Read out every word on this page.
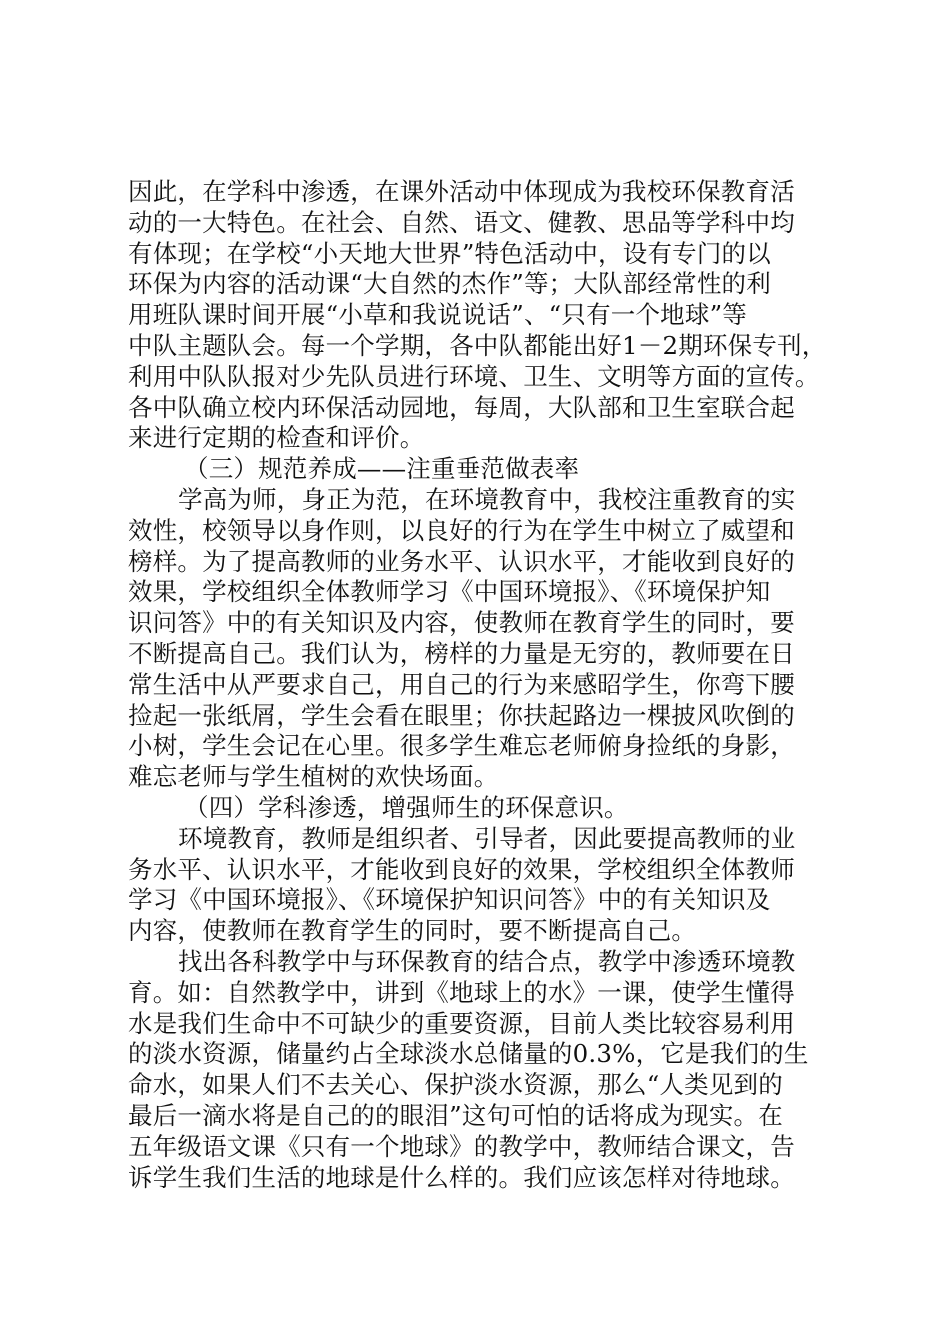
因此，在学科中渗透，在课外活动中体现成为我校环保教育活
动的一大特色。在社会、自然、语文、健教、思品等学科中均
有体现；在学校“小天地大世界”特色活动中，设有专门的以
环保为内容的活动课“大自然的杰作”等；大队部经常性的利
用班队课时间开展“小草和我说说话”、“只有一个地球”等
中队主题队会。每一个学期，各中队都能出好1－2期环保专刊，
利用中队队报对少先队员进行环境、卫生、文明等方面的宣传。
各中队确立校内环保活动园地，每周，大队部和卫生室联合起
来进行定期的检查和评价。
（三）规范养成——注重垂范做表率
学高为师，身正为范，在环境教育中，我校注重教育的实
效性，校领导以身作则，以良好的行为在学生中树立了威望和
榜样。为了提高教师的业务水平、认识水平，才能收到良好的
效果，学校组织全体教师学习《中国环境报》、《环境保护知
识问答》中的有关知识及内容，使教师在教育学生的同时，要
不断提高自己。我们认为，榜样的力量是无穷的，教师要在日
常生活中从严要求自己，用自己的行为来感昭学生，你弯下腰
捡起一张纸屑，学生会看在眼里；你扶起路边一棵披风吹倒的
小树，学生会记在心里。很多学生难忘老师俯身捡纸的身影，
难忘老师与学生植树的欢快场面。
（四）学科渗透，增强师生的环保意识。
环境教育，教师是组织者、引导者，因此要提高教师的业
务水平、认识水平，才能收到良好的效果，学校组织全体教师
学习《中国环境报》、《环境保护知识问答》中的有关知识及
内容，使教师在教育学生的同时，要不断提高自己。
找出各科教学中与环保教育的结合点，教学中渗透环境教
育。如：自然教学中，讲到《地球上的水》一课，使学生懂得
水是我们生命中不可缺少的重要资源，目前人类比较容易利用
的淡水资源，储量约占全球淡水总储量的0.3%，它是我们的生
命水，如果人们不去关心、保护淡水资源，那么“人类见到的
最后一滴水将是自己的的眼泪”这句可怕的话将成为现实。在
五年级语文课《只有一个地球》的教学中，教师结合课文，告
诉学生我们生活的地球是什么样的。我们应该怎样对待地球。
